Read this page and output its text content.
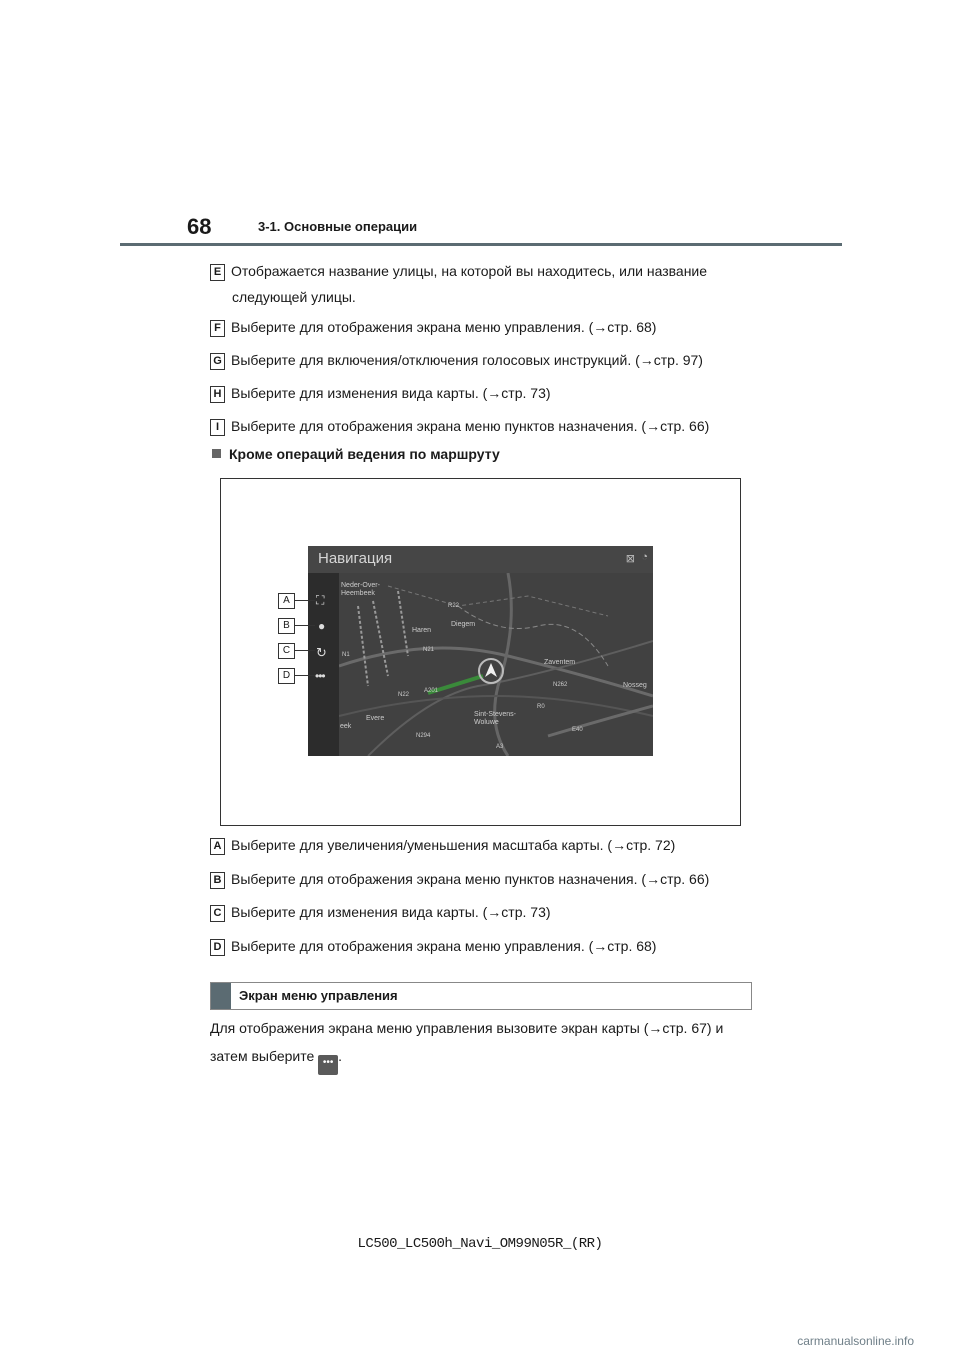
68	3-1. Основные операции
E Отображается название улицы, на которой вы находитесь, или название
следующей улицы.
F Выберите для отображения экрана меню управления. (→стр. 68)
G Выберите для включения/отключения голосовых инструкций. (→стр. 97)
H Выберите для изменения вида карты. (→стр. 73)
I Выберите для отображения экрана меню пунктов назначения. (→стр. 66)
Кроме операций ведения по маршруту
Навигация	⊠ ◔
⛶
●
↻
•••
Neder-Over-
Heembeek
Haren
Diegem
Zaventem
Nosseg
Sint-Stevens-
Woluwe
Evere
eek
R22
N21
N1
N22
A201
N262
R0
N294
A3
E40
A
B
C
D
A Выберите для увеличения/уменьшения масштаба карты. (→стр. 72)
B Выберите для отображения экрана меню пунктов назначения. (→стр. 66)
C Выберите для изменения вида карты. (→стр. 73)
D Выберите для отображения экрана меню управления. (→стр. 68)
Экран меню управления
Для отображения экрана меню управления вызовите экран карты (→стр. 67) и
затем выберите ••• .
LC500_LC500h_Navi_OM99N05R_(RR)
carmanualsonline.info
